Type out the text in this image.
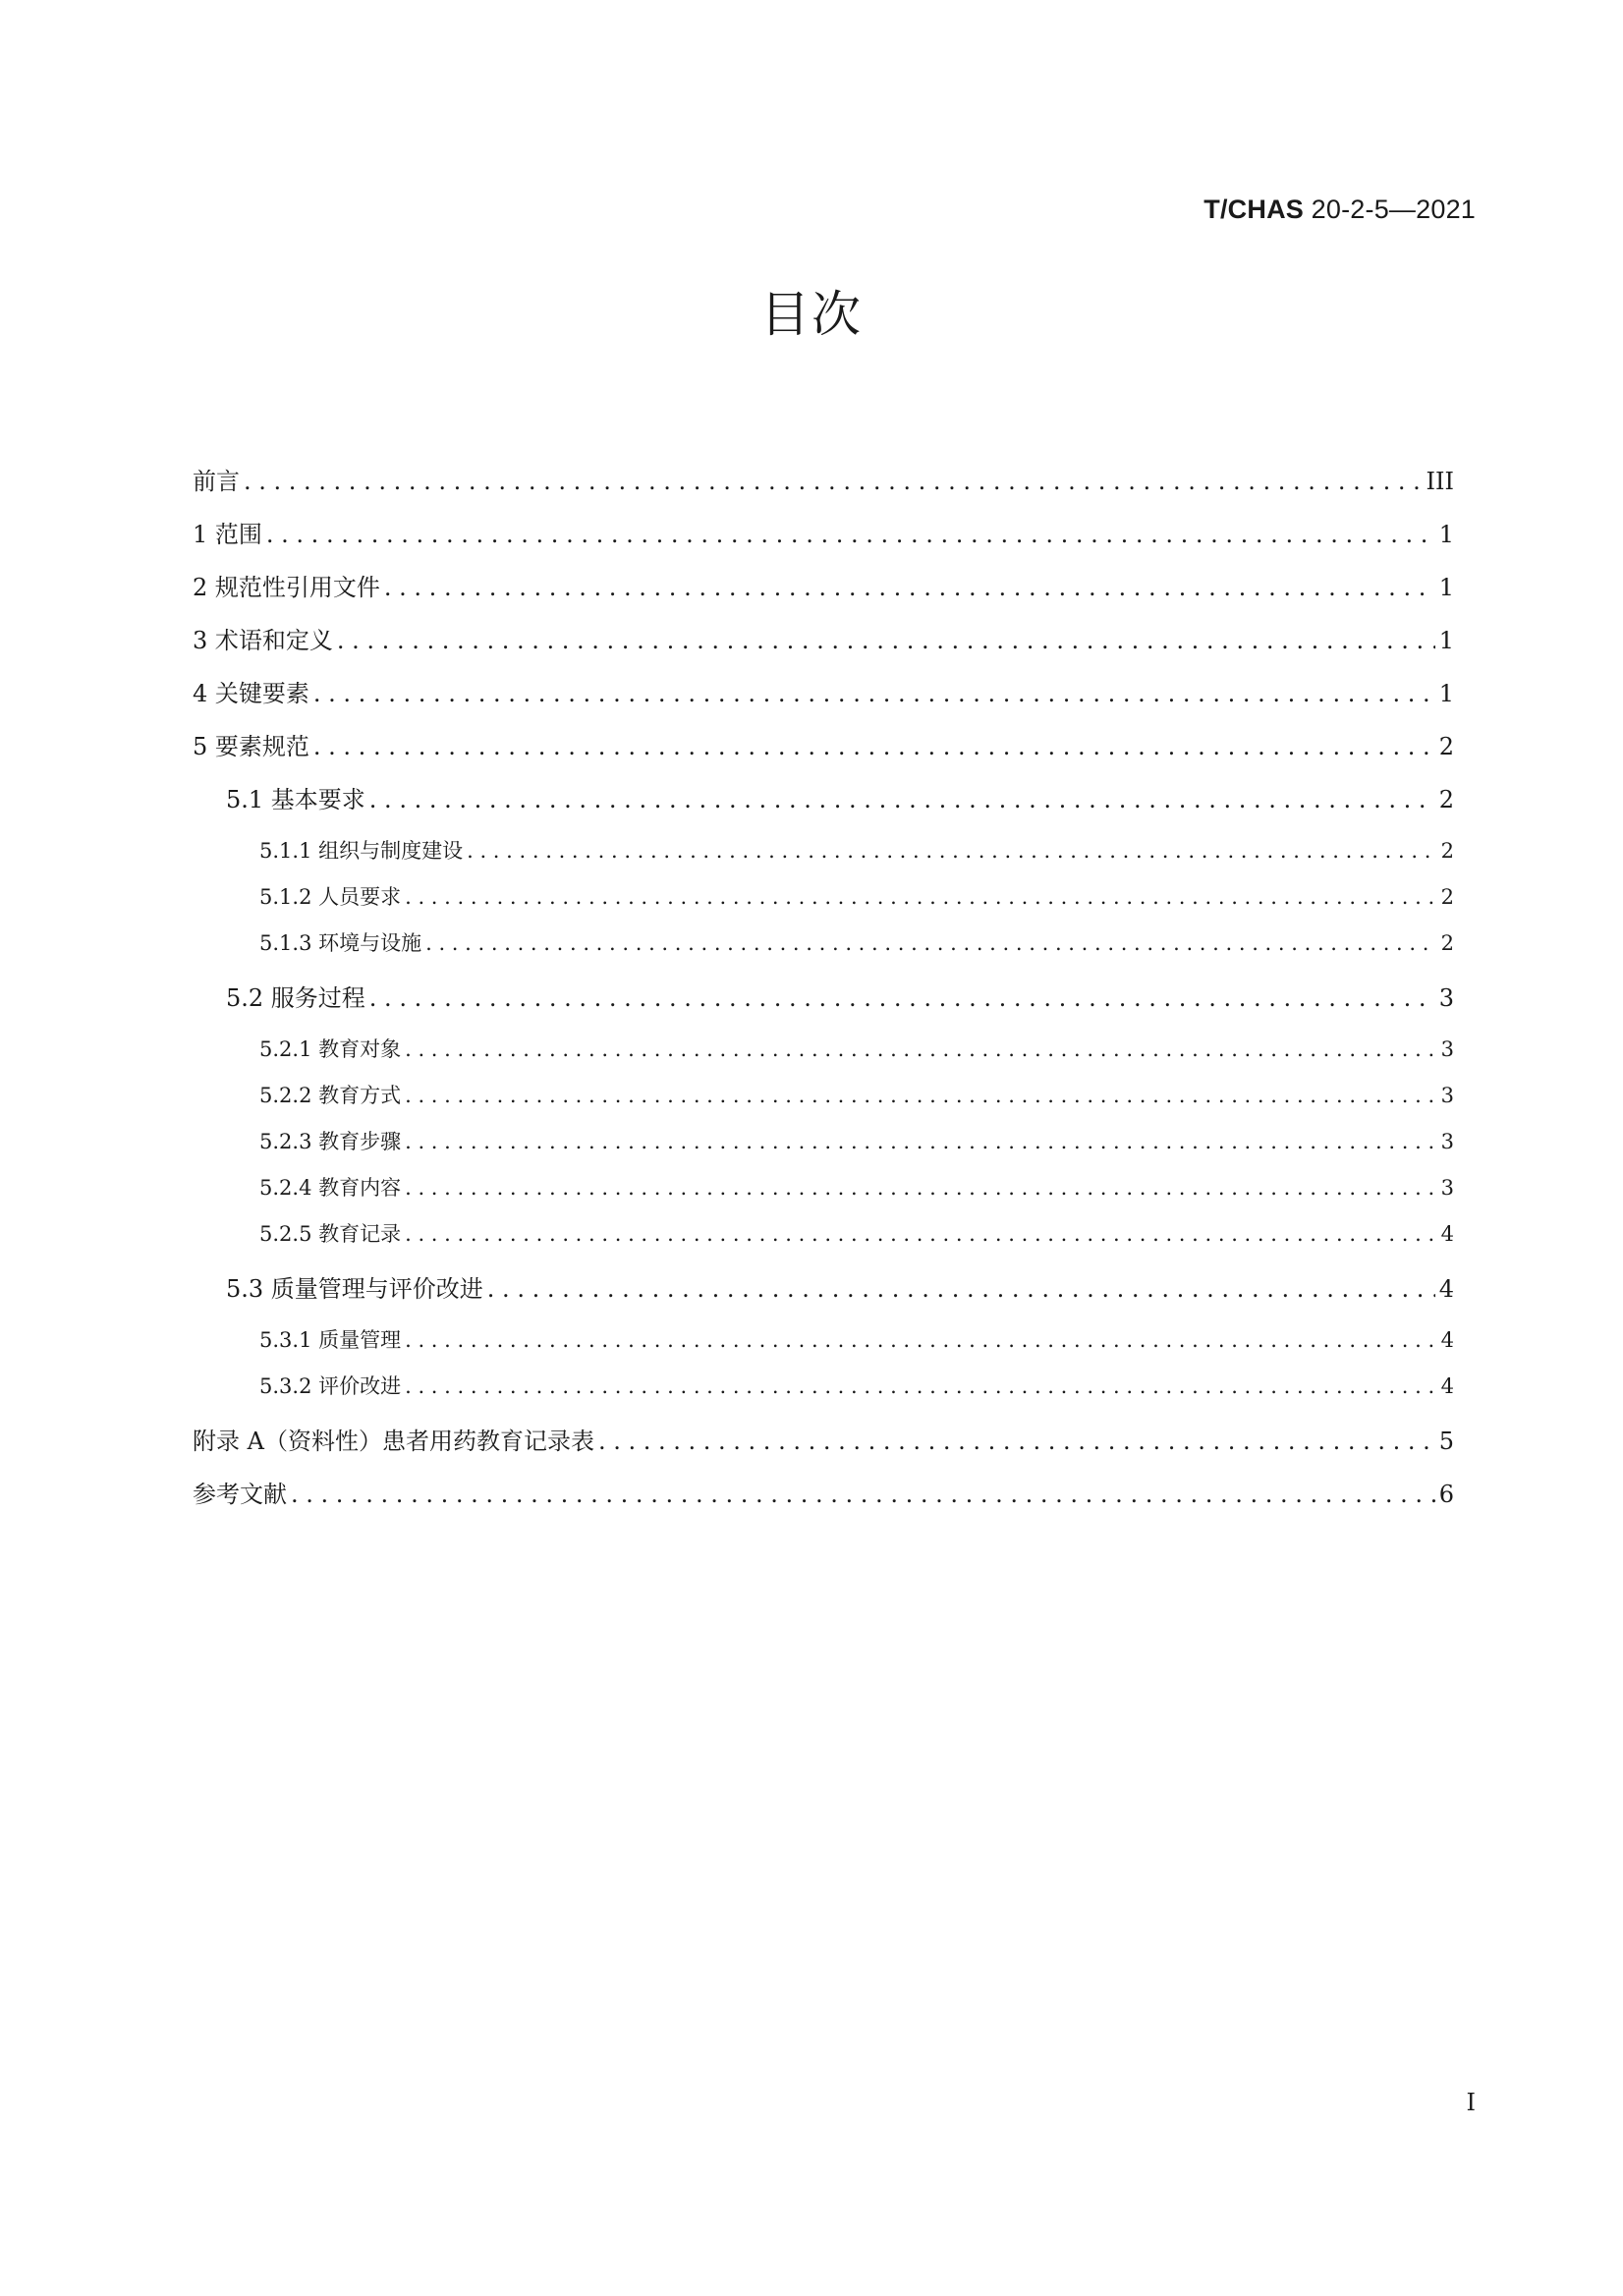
T/CHAS 20-2-5—2021
目次
前言 . . .	III
1 范围 . . .	1
2 规范性引用文件 . . .	1
3 术语和定义 . . .	1
4 关键要素 . . .	1
5 要素规范 . . .	2
5.1 基本要求 . . .	2
5.1.1 组织与制度建设 . . .	2
5.1.2 人员要求 . . .	2
5.1.3 环境与设施 . . .	2
5.2 服务过程 . . .	3
5.2.1 教育对象 . . .	3
5.2.2 教育方式 . . .	3
5.2.3 教育步骤 . . .	3
5.2.4 教育内容 . . .	3
5.2.5 教育记录 . . .	4
5.3 质量管理与评价改进 . . .	4
5.3.1 质量管理 . . .	4
5.3.2 评价改进 . . .	4
附录 A（资料性）患者用药教育记录表 . . .	5
参考文献 . . .	6
I
